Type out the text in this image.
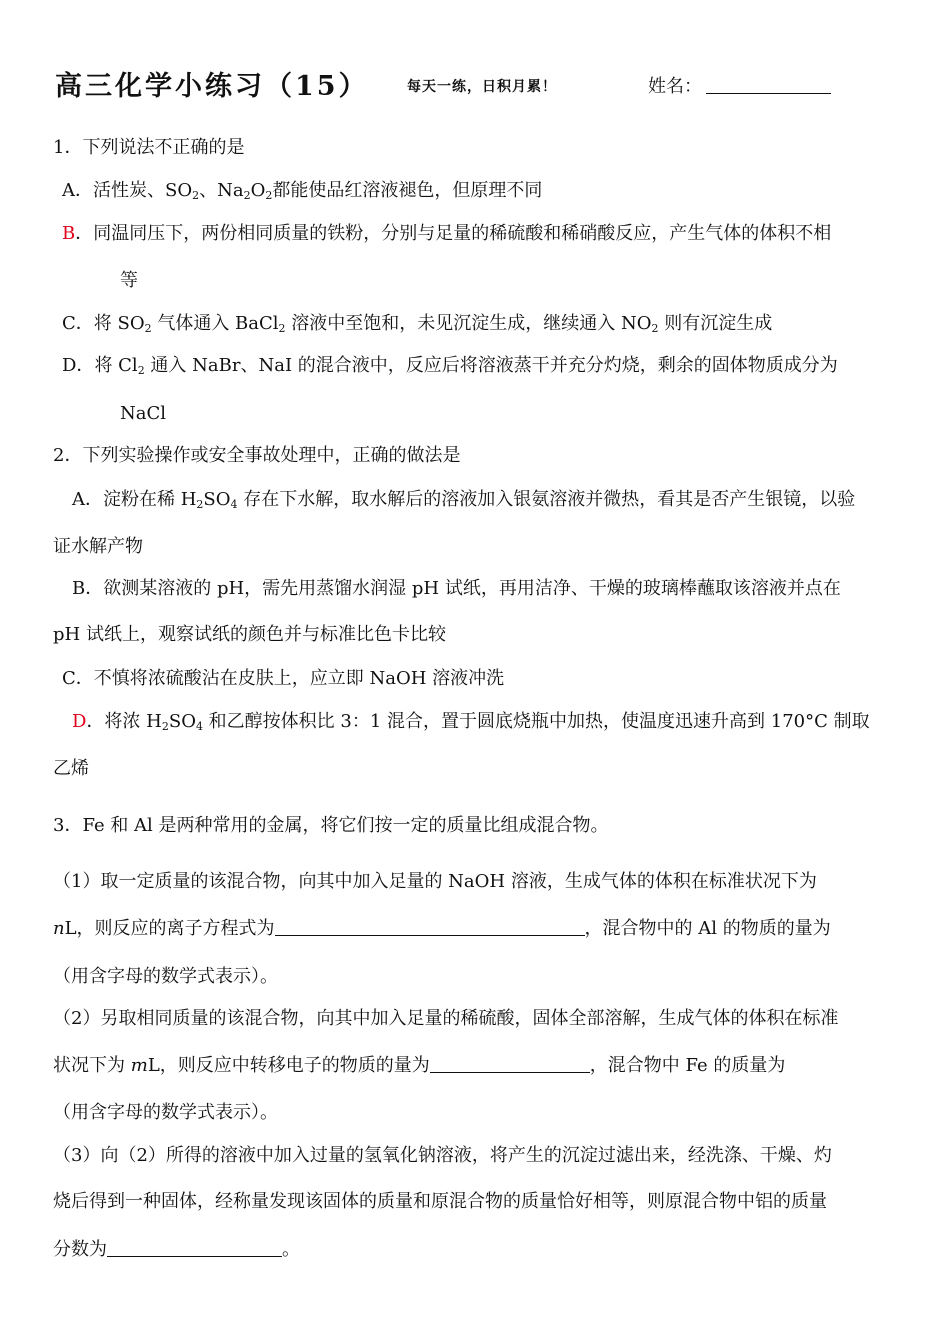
高三化学小练习（15）	每天一练，日积月累！	姓名：
1．下列说法不正确的是
A．活性炭、$SO_2$、$Na_2O_2$都能使品红溶液褪色，但原理不同
B．同温同压下，两份相同质量的铁粉，分别与足量的稀硫酸和稀硝酸反应，产生气体的体积不相
等
C．将 $SO_2$ 气体通入 BaCl$_2$ 溶液中至饱和，未见沉淀生成，继续通入 $NO_2$ 则有沉淀生成
D．将 $Cl_2$ 通入 NaBr、NaI 的混合液中，反应后将溶液蒸干并充分灼烧，剩余的固体物质成分为
NaCl
2．下列实验操作或安全事故处理中，正确的做法是
A．淀粉在稀 $H_2SO_4$ 存在下水解，取水解后的溶液加入银氨溶液并微热，看其是否产生银镜，以验
证水解产物
B．欲测某溶液的 pH，需先用蒸馏水润湿 pH 试纸，再用洁净、干燥的玻璃棒蘸取该溶液并点在
pH 试纸上，观察试纸的颜色并与标准比色卡比较
C．不慎将浓硫酸沾在皮肤上，应立即 NaOH 溶液冲洗
D．将浓 $H_2SO_4$ 和乙醇按体积比 3：1 混合，置于圆底烧瓶中加热，使温度迅速升高到 170°C 制取
乙烯
3．Fe 和 Al 是两种常用的金属，将它们按一定的质量比组成混合物。
（1）取一定质量的该混合物，向其中加入足量的 NaOH 溶液，生成气体的体积在标准状况下为
nL，则反应的离子方程式为	，混合物中的 Al 的物质的量为
（用含字母的数学式表示）。
（2）另取相同质量的该混合物，向其中加入足量的稀硫酸，固体全部溶解，生成气体的体积在标准
状况下为 mL，则反应中转移电子的物质的量为	，混合物中 Fe 的质量为
（用含字母的数学式表示）。
（3）向（2）所得的溶液中加入过量的氢氧化钠溶液，将产生的沉淀过滤出来，经洗涤、干燥、灼
烧后得到一种固体，经称量发现该固体的质量和原混合物的质量恰好相等，则原混合物中铝的质量
分数为	。
